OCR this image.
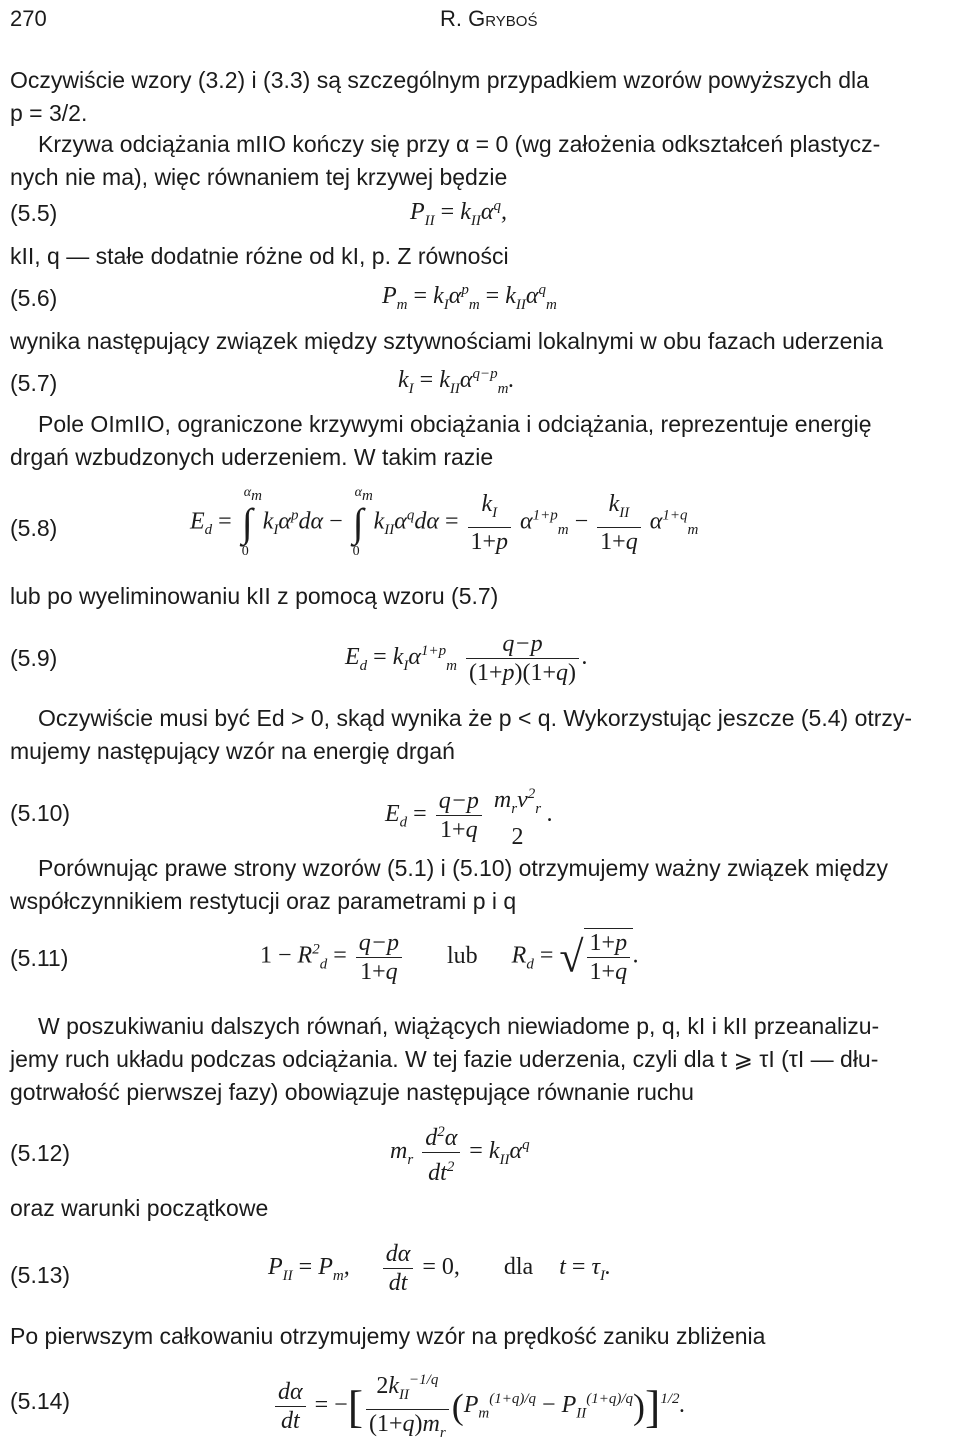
270	R. Gryboś
Oczywiście wzory (3.2) i (3.3) są szczególnym przypadkiem wzorów powyższych dla
p = 3/2.
Krzywa odciążania mIIO kończy się przy α = 0 (wg założenia odkształceń plastycz-
nych nie ma), więc równaniem tej krzywej będzie
(5.5)	$P_{II} = k_{II}\alpha^q$,
kII, q — stałe dodatnie różne od kI, p. Z równości
(5.6)	$P_m = k_I\alpha^p_m = k_{II}\alpha^q_m$
wynika następujący związek między sztywnościami lokalnymi w obu fazach uderzenia
(5.7)	$k_I = k_{II}\alpha^{q-p}_m$.
Pole OImIIO, ograniczone krzywymi obciążania i odciążania, reprezentuje energię
drgań wzbudzonych uderzeniem. W takim razie
(5.8)	$E_d$ = ∫
$\alpha_m$
0
$k_I\alpha^pd\alpha$ − ∫
$\alpha_m$
0
$k_{II}\alpha^qd\alpha = \frac{k_I}{1+p} \alpha^{1+p}_m - \frac{k_{II}}{1+q} \alpha^{1+q}_m$
lub po wyeliminowaniu kII z pomocą wzoru (5.7)
(5.9)	$E_d = k_I\alpha^{1+p}_m \frac{q-p}{(1+p)(1+q)}$ .
Oczywiście musi być Ed > 0, skąd wynika że p < q. Wykorzystując jeszcze (5.4) otrzy-
mujemy następujący wzór na energię drgań
(5.10)	$E_d = \frac{q-p}{1+q}$
$m_rv^2_r$
2
.
Porównując prawe strony wzorów (5.1) i (5.10) otrzymujemy ważny związek między
współczynnikiem restytucji oraz parametrami p i q
(5.11)	$1 - R^2_d = \frac{q-p}{1+q}$ lub $R_d$ = √ $\frac{1+p}{1+q}$ .
W poszukiwaniu dalszych równań, wiążących niewiadome p, q, kI i kII przeanalizu-
jemy ruch układu podczas odciążania. W tej fazie uderzenia, czyli dla t ⩾ τI (τI — dłu-
gotrwałość pierwszej fazy) obowiązuje następujące równanie ruchu
(5.12)	$m_r \frac{d^2\alpha}{dt^2} = k_{II}\alpha^q$
oraz warunki początkowe
(5.13)	$P_{II} = P_m$, $\frac{d\alpha}{dt} = 0$, dla $t = \tau_I$.
Po pierwszym całkowaniu otrzymujemy wzór na prędkość zaniku zbliżenia
(5.14)	$\frac{d\alpha}{dt}$ = −[ $\frac{2k_{II}^{-1/q}}{(1+q)m_r} (P_m^{(1+q)/q} - P_{II}^{(1+q)/q})]^{1/2}$.
